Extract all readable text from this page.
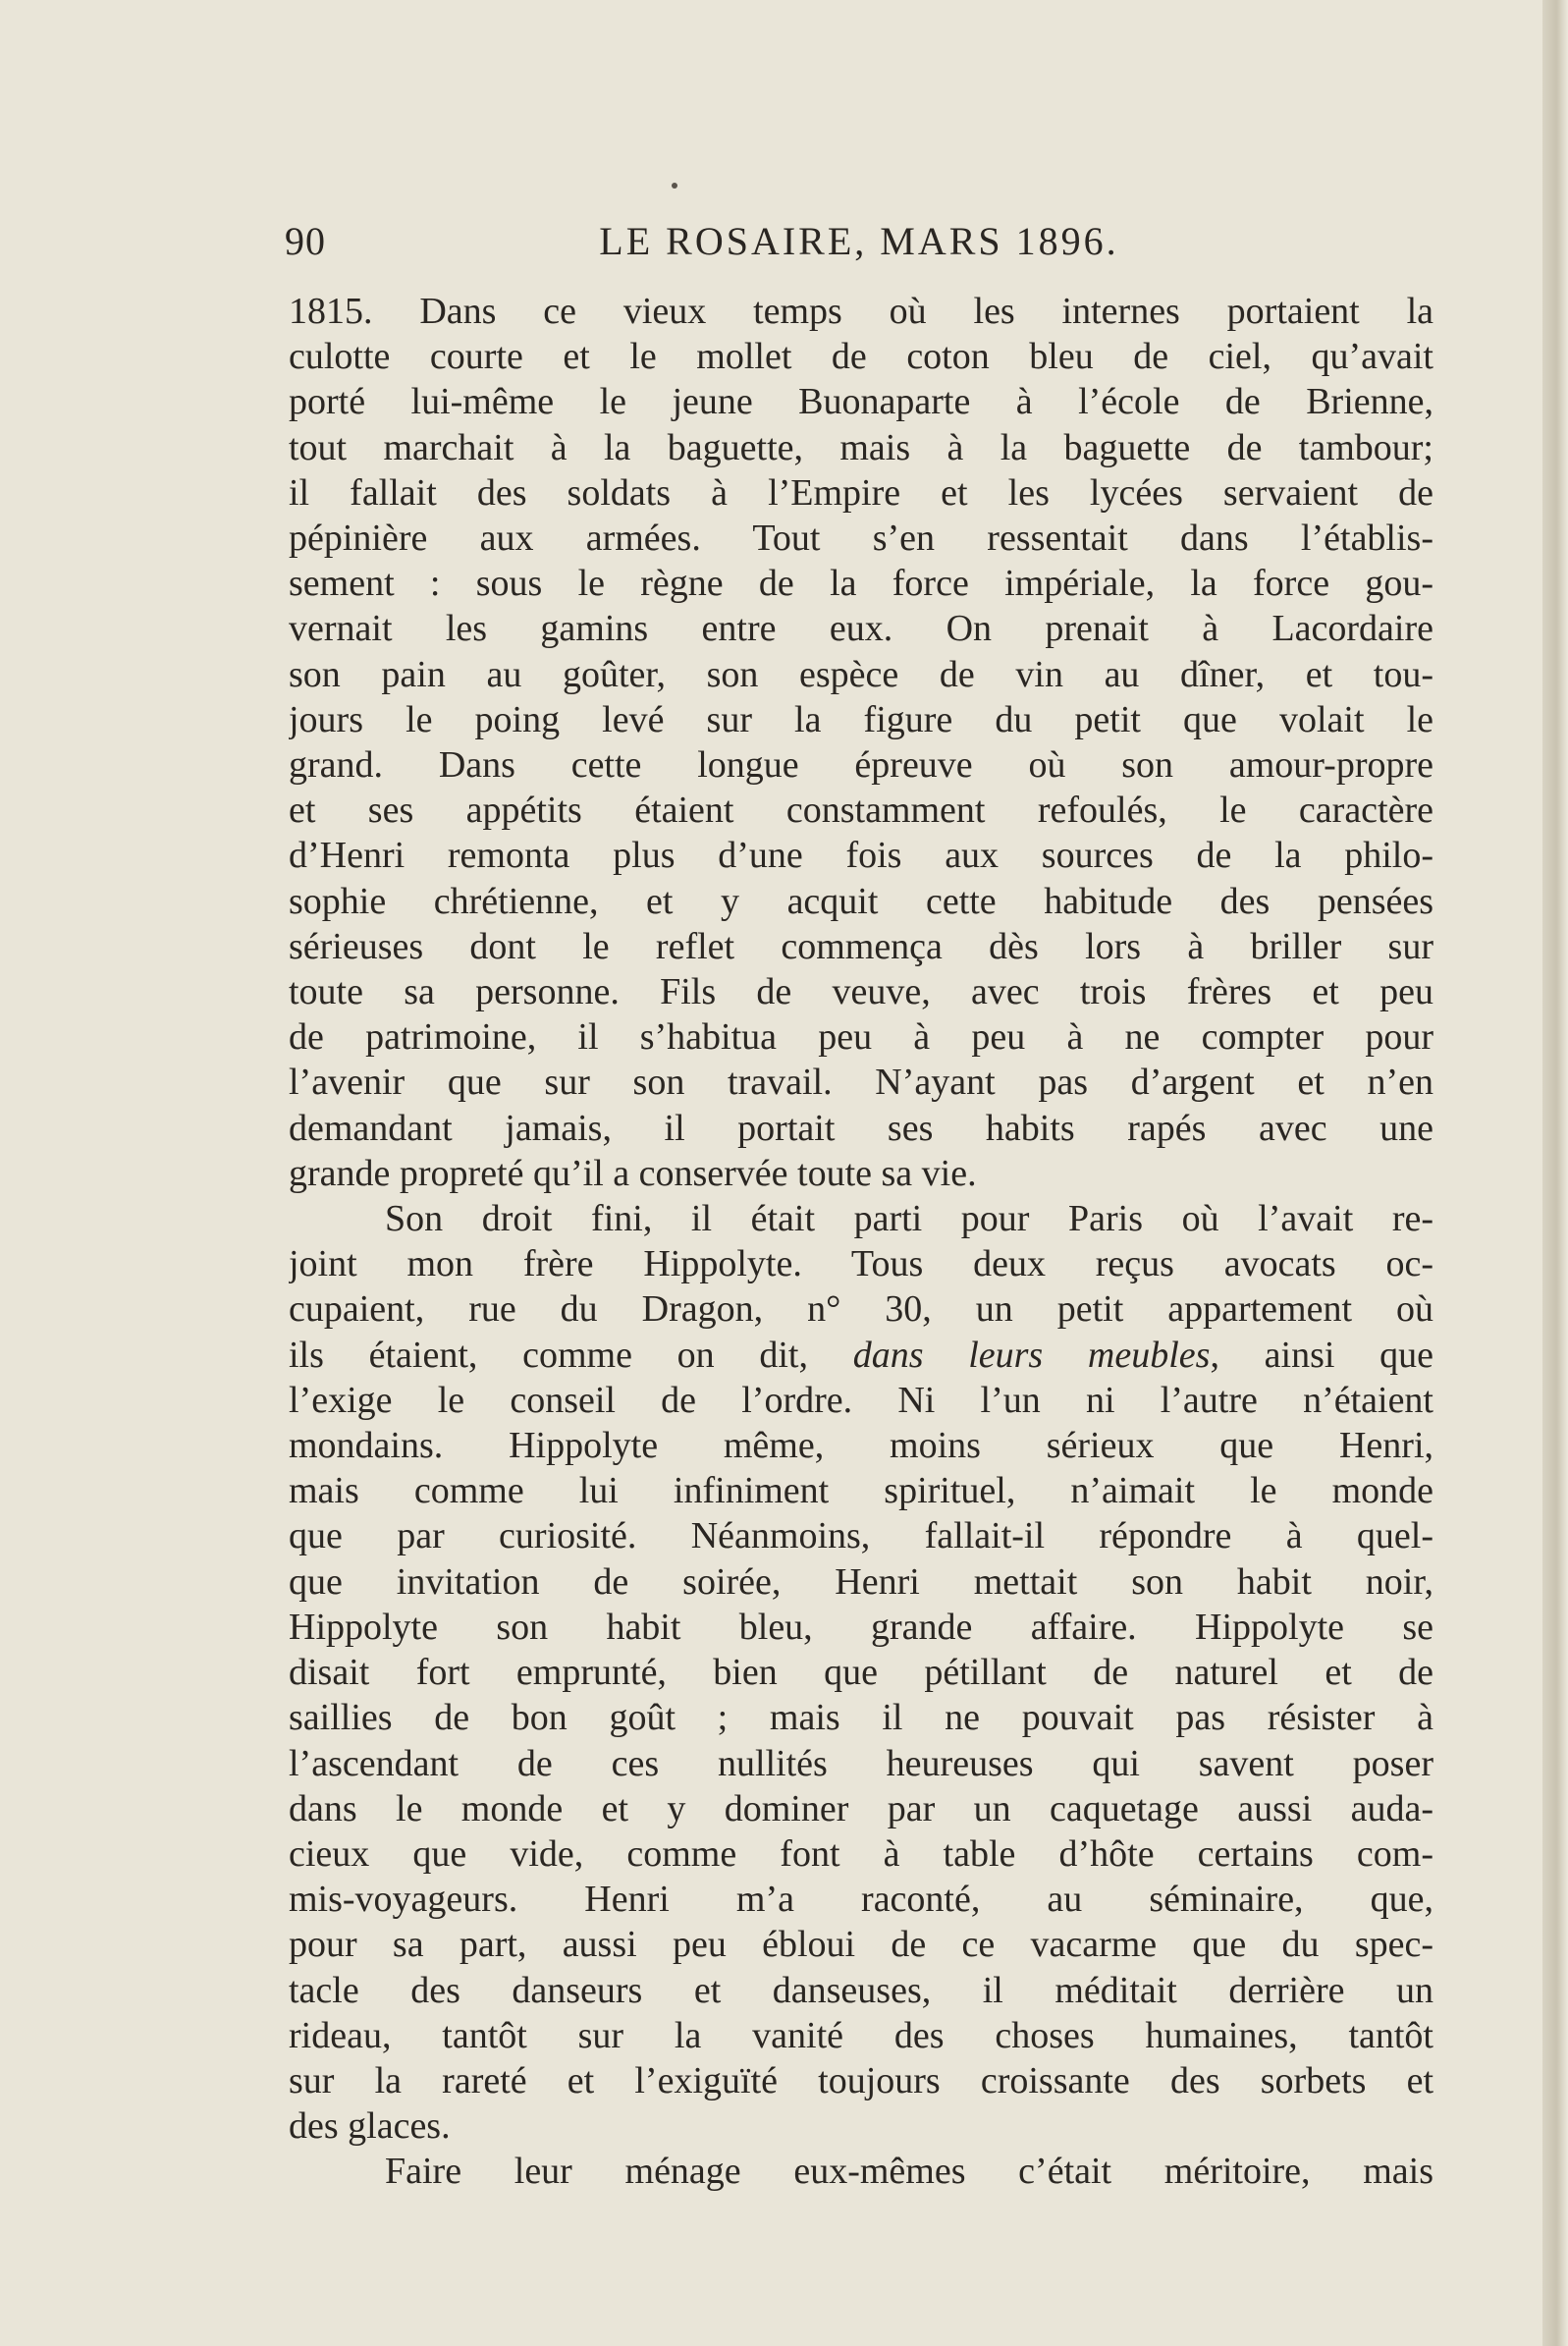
90	LE ROSAIRE, MARS 1896.
1815. Dans ce vieux temps où les internes portaient la
culotte courte et le mollet de coton bleu de ciel, qu’avait
porté lui-même le jeune Buonaparte à l’école de Brienne,
tout marchait à la baguette, mais à la baguette de tambour;
il fallait des soldats à l’Empire et les lycées servaient de
pépinière aux armées. Tout s’en ressentait dans l’établis-
sement : sous le règne de la force impériale, la force gou-
vernait les gamins entre eux. On prenait à Lacordaire
son pain au goûter, son espèce de vin au dîner, et tou-
jours le poing levé sur la figure du petit que volait le
grand. Dans cette longue épreuve où son amour-propre
et ses appétits étaient constamment refoulés, le caractère
d’Henri remonta plus d’une fois aux sources de la philo-
sophie chrétienne, et y acquit cette habitude des pensées
sérieuses dont le reflet commença dès lors à briller sur
toute sa personne. Fils de veuve, avec trois frères et peu
de patrimoine, il s’habitua peu à peu à ne compter pour
l’avenir que sur son travail. N’ayant pas d’argent et n’en
demandant jamais, il portait ses habits rapés avec une
grande propreté qu’il a conservée toute sa vie.
Son droit fini, il était parti pour Paris où l’avait re-
joint mon frère Hippolyte. Tous deux reçus avocats oc-
cupaient, rue du Dragon, n° 30, un petit appartement où
ils étaient, comme on dit, dans leurs meubles, ainsi que
l’exige le conseil de l’ordre. Ni l’un ni l’autre n’étaient
mondains. Hippolyte même, moins sérieux que Henri,
mais comme lui infiniment spirituel, n’aimait le monde
que par curiosité. Néanmoins, fallait-il répondre à quel-
que invitation de soirée, Henri mettait son habit noir,
Hippolyte son habit bleu, grande affaire. Hippolyte se
disait fort emprunté, bien que pétillant de naturel et de
saillies de bon goût ; mais il ne pouvait pas résister à
l’ascendant de ces nullités heureuses qui savent poser
dans le monde et y dominer par un caquetage aussi auda-
cieux que vide, comme font à table d’hôte certains com-
mis-voyageurs. Henri m’a raconté, au séminaire, que,
pour sa part, aussi peu ébloui de ce vacarme que du spec-
tacle des danseurs et danseuses, il méditait derrière un
rideau, tantôt sur la vanité des choses humaines, tantôt
sur la rareté et l’exiguïté toujours croissante des sorbets et
des glaces.
Faire leur ménage eux-mêmes c’était méritoire, mais
